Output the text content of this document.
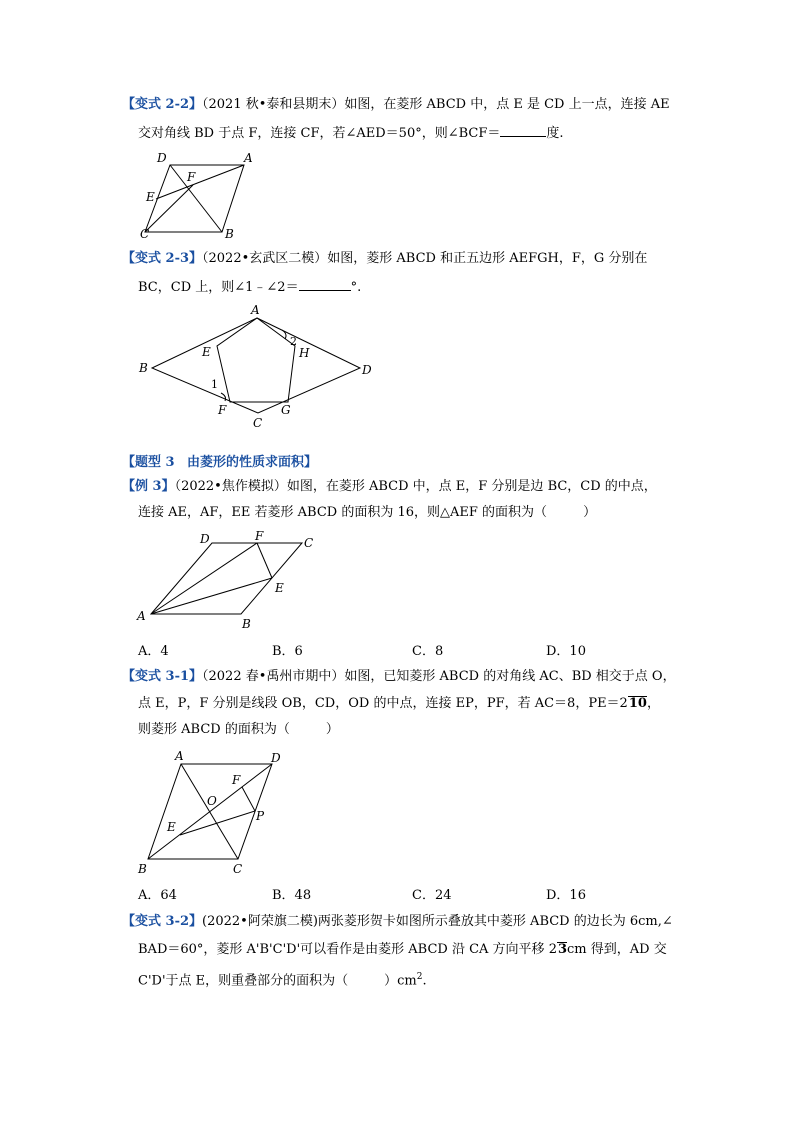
【变式 2-2】（2021 秋•泰和县期末）如图，在菱形 ABCD 中，点 E 是 CD 上一点，连接 AE
交对角线 BD 于点 F，连接 CF，若∠AED＝50°，则∠BCF＝	度.
D	A
F
E
C	B
【变式 2-3】（2022•玄武区二模）如图，菱形 ABCD 和正五边形 AEFGH，F，G 分别在
BC，CD 上，则∠1﹣∠2＝	°.
A
B
C
D
E
F	G
H
1
2
【题型 3 由菱形的性质求面积】
【例 3】（2022•焦作模拟）如图，在菱形 ABCD 中，点 E，F 分别是边 BC，CD 的中点，
连接 AE，AF，EE 若菱形 ABCD 的面积为 16，则△AEF 的面积为（	）
D	F	C
E
A
B
A．4	B．6	C．8	D．10
【变式 3-1】（2022 春•禹州市期中）如图，已知菱形 ABCD 的对角线 AC、BD 相交于点 O，
点 E，P，F 分别是线段 OB，CD，OD 的中点，连接 EP，PF，若 AC＝8，PE＝210，
则菱形 ABCD 的面积为（	）
A	D
F
O
P
E
B	C
A．64	B．48	C．24	D．16
【变式 3-2】(2022•阿荣旗二模)两张菱形贺卡如图所示叠放其中菱形 ABCD 的边长为 6cm,∠
BAD＝60°，菱形 A'B'C'D'可以看作是由菱形 ABCD 沿 CA 方向平移 23cm 得到，AD 交
C'D'于点 E，则重叠部分的面积为（	）$cm^2$.
